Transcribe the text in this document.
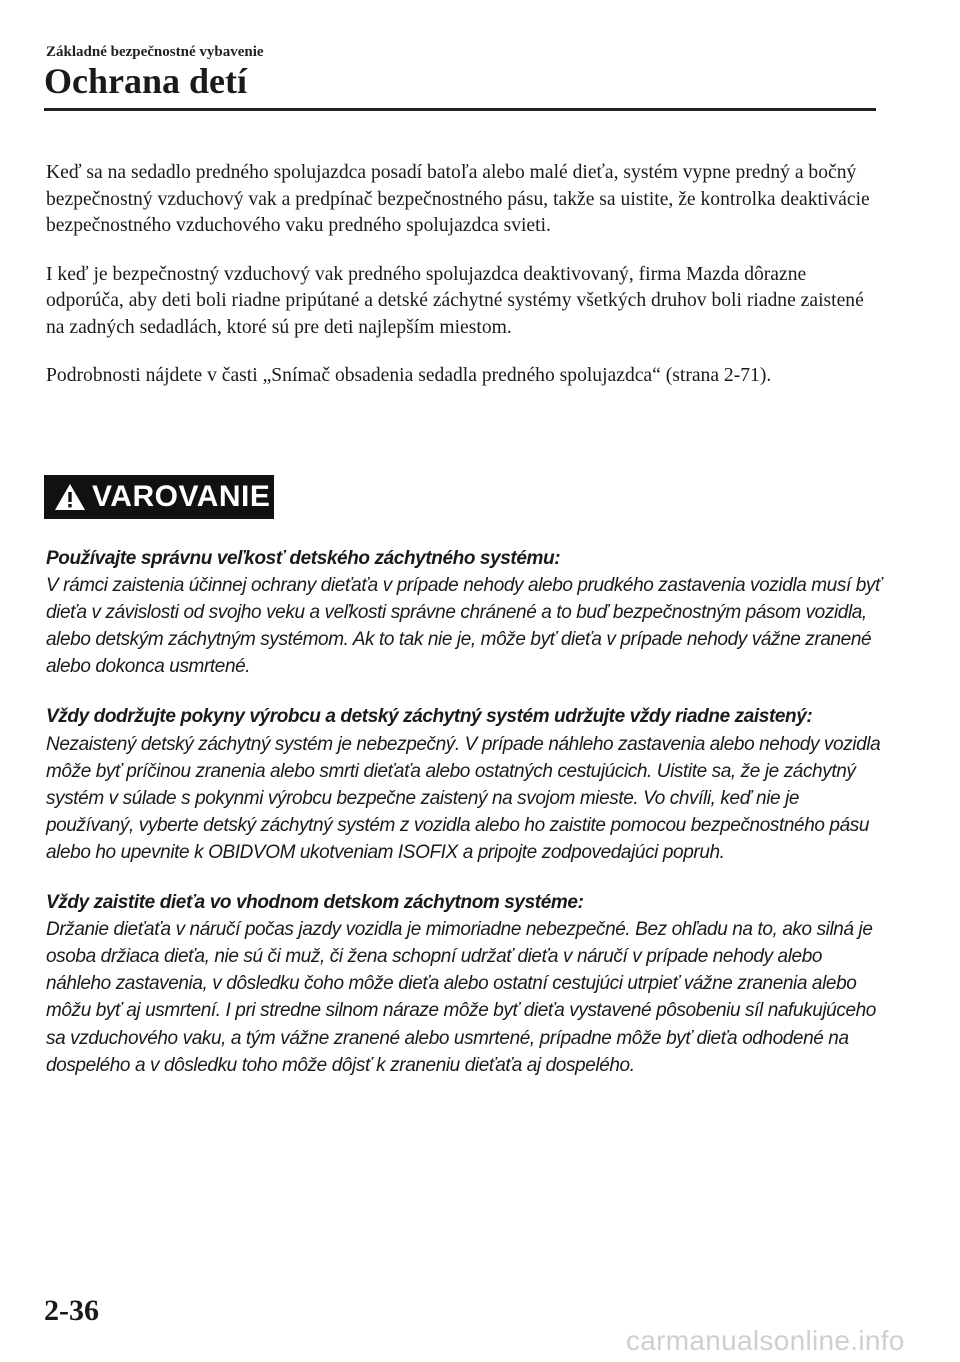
Základné bezpečnostné vybavenie
Ochrana detí

Keď sa na sedadlo predného spolujazdca posadí batoľa alebo malé dieťa, systém vypne predný a bočný bezpečnostný vzduchový vak a predpínač bezpečnostného pásu, takže sa uistite, že kontrolka deaktivácie bezpečnostného vzduchového vaku predného spolujazdca svieti.

I keď je bezpečnostný vzduchový vak predného spolujazdca deaktivovaný, firma Mazda dôrazne odporúča, aby deti boli riadne pripútané a detské záchytné systémy všetkých druhov boli riadne zaistené na zadných sedadlách, ktoré sú pre deti najlepším miestom.

Podrobnosti nájdete v časti „Snímač obsadenia sedadla predného spolujazdca“ (strana 2-71).

VAROVANIE

Používajte správnu veľkosť detského záchytného systému:

V rámci zaistenia účinnej ochrany dieťaťa v prípade nehody alebo prudkého zastavenia vozidla musí byť dieťa v závislosti od svojho veku a veľkosti správne chránené a to buď bezpečnostným pásom vozidla, alebo detským záchytným systémom. Ak to tak nie je, môže byť dieťa v prípade nehody vážne zranené alebo dokonca usmrtené.

Vždy dodržujte pokyny výrobcu a detský záchytný systém udržujte vždy riadne zaistený:

Nezaistený detský záchytný systém je nebezpečný. V prípade náhleho zastavenia alebo nehody vozidla môže byť príčinou zranenia alebo smrti dieťaťa alebo ostatných cestujúcich. Uistite sa, že je záchytný systém v súlade s pokynmi výrobcu bezpečne zaistený na svojom mieste. Vo chvíli, keď nie je používaný, vyberte detský záchytný systém z vozidla alebo ho zaistite pomocou bezpečnostného pásu alebo ho upevnite k OBIDVOM ukotveniam ISOFIX a pripojte zodpovedajúci popruh.

Vždy zaistite dieťa vo vhodnom detskom záchytnom systéme:

Držanie dieťaťa v náručí počas jazdy vozidla je mimoriadne nebezpečné. Bez ohľadu na to, ako silná je osoba držiaca dieťa, nie sú či muž, či žena schopní udržať dieťa v náručí v prípade nehody alebo náhleho zastavenia, v dôsledku čoho môže dieťa alebo ostatní cestujúci utrpieť vážne zranenia alebo môžu byť aj usmrtení. I pri stredne silnom náraze môže byť dieťa vystavené pôsobeniu síl nafukujúceho sa vzduchového vaku, a tým vážne zranené alebo usmrtené, prípadne môže byť dieťa odhodené na dospelého a v dôsledku toho môže dôjsť k zraneniu dieťaťa aj dospelého.

2-36
carmanualsonline.info
